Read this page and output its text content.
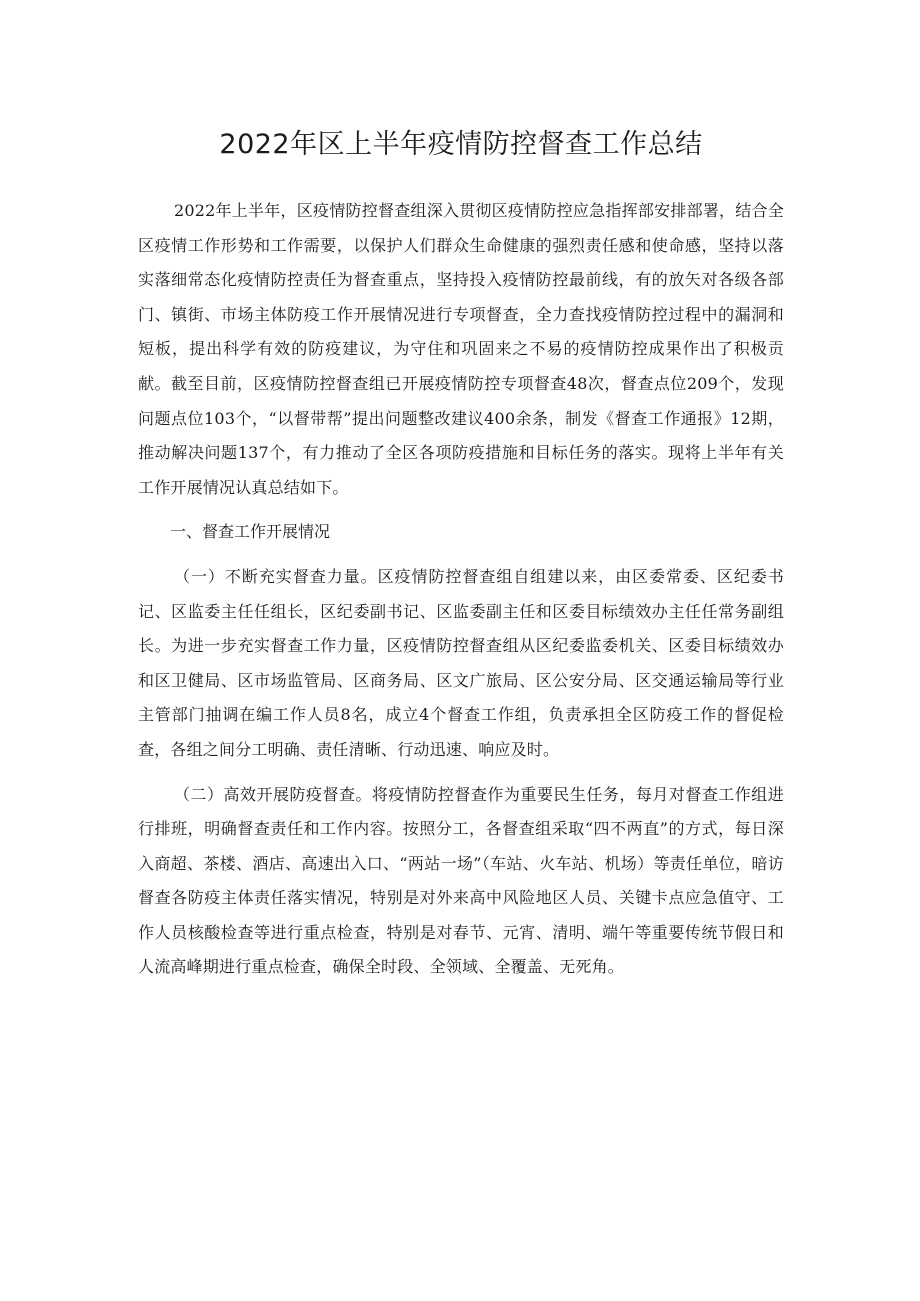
2022年区上半年疫情防控督查工作总结

2022年上半年，区疫情防控督查组深入贯彻区疫情防控应急指挥部安排部署，结合全区疫情工作形势和工作需要，以保护人们群众生命健康的强烈责任感和使命感，坚持以落实落细常态化疫情防控责任为督查重点，坚持投入疫情防控最前线，有的放矢对各级各部门、镇街、市场主体防疫工作开展情况进行专项督查，全力查找疫情防控过程中的漏洞和短板，提出科学有效的防疫建议，为守住和巩固来之不易的疫情防控成果作出了积极贡献。截至目前，区疫情防控督查组已开展疫情防控专项督查48次，督查点位209个，发现问题点位103个，“以督带帮”提出问题整改建议400余条，制发《督查工作通报》12期，推动解决问题137个，有力推动了全区各项防疫措施和目标任务的落实。现将上半年有关工作开展情况认真总结如下。

一、督查工作开展情况

（一）不断充实督查力量。区疫情防控督查组自组建以来，由区委常委、区纪委书记、区监委主任任组长，区纪委副书记、区监委副主任和区委目标绩效办主任任常务副组长。为进一步充实督查工作力量，区疫情防控督查组从区纪委监委机关、区委目标绩效办和区卫健局、区市场监管局、区商务局、区文广旅局、区公安分局、区交通运输局等行业主管部门抽调在编工作人员8名，成立4个督查工作组，负责承担全区防疫工作的督促检查，各组之间分工明确、责任清晰、行动迅速、响应及时。

（二）高效开展防疫督查。将疫情防控督查作为重要民生任务，每月对督查工作组进行排班，明确督查责任和工作内容。按照分工，各督查组采取“四不两直”的方式，每日深入商超、茶楼、酒店、高速出入口、“两站一场”（车站、火车站、机场）等责任单位，暗访督查各防疫主体责任落实情况，特别是对外来高中风险地区人员、关键卡点应急值守、工作人员核酸检查等进行重点检查，特别是对春节、元宵、清明、端午等重要传统节假日和人流高峰期进行重点检查，确保全时段、全领域、全覆盖、无死角。
